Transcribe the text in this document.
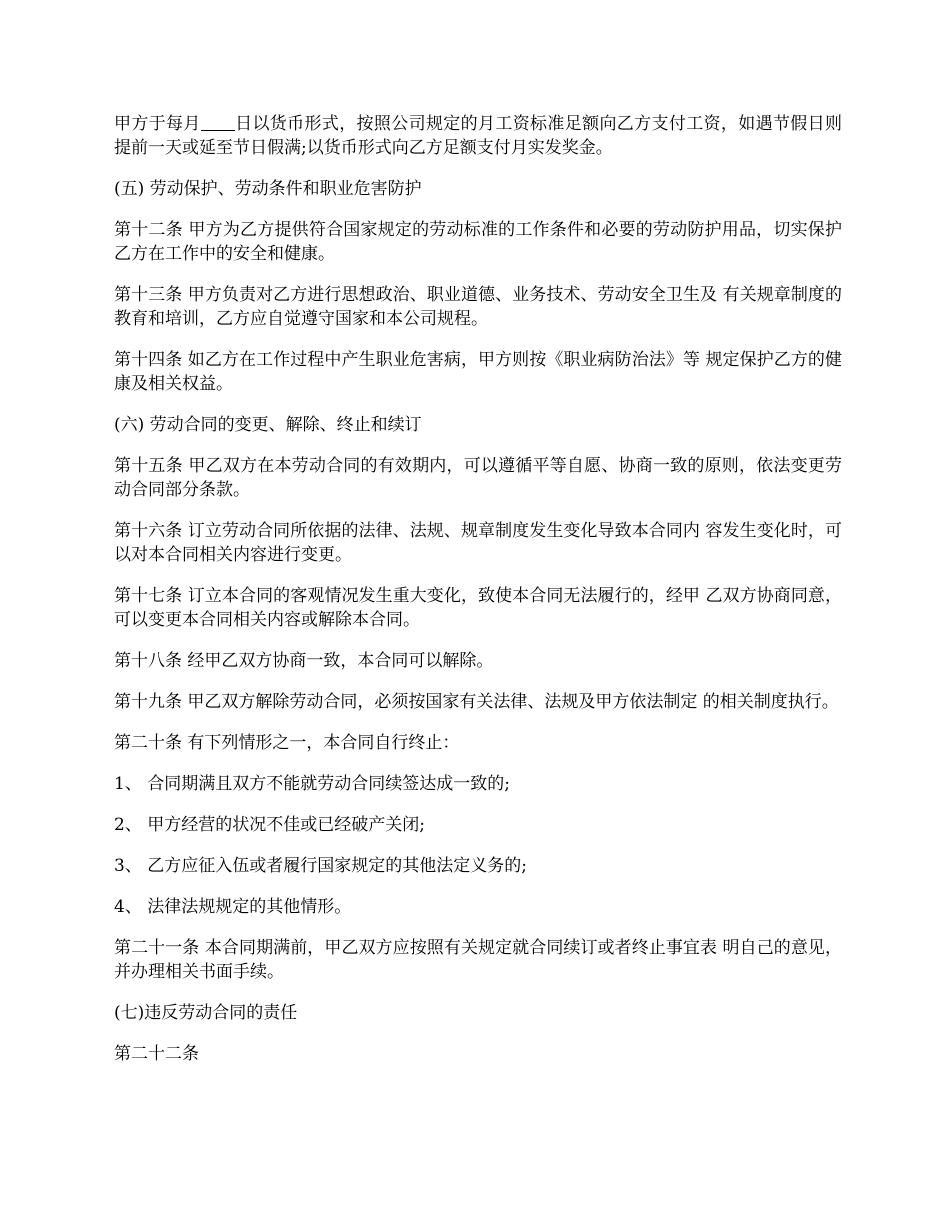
甲方于每月 日以货币形式，按照公司规定的月工资标准足额向乙方支付工资，如遇节假日则提前一天或延至节日假满;以货币形式向乙方足额支付月实发奖金。

(五) 劳动保护、劳动条件和职业危害防护

第十二条 甲方为乙方提供符合国家规定的劳动标准的工作条件和必要的劳动防护用品，切实保护乙方在工作中的安全和健康。

第十三条 甲方负责对乙方进行思想政治、职业道德、业务技术、劳动安全卫生及 有关规章制度的教育和培训，乙方应自觉遵守国家和本公司规程。

第十四条 如乙方在工作过程中产生职业危害病，甲方则按《职业病防治法》等 规定保护乙方的健康及相关权益。

(六) 劳动合同的变更、解除、终止和续订

第十五条 甲乙双方在本劳动合同的有效期内，可以遵循平等自愿、协商一致的原则，依法变更劳动合同部分条款。

第十六条 订立劳动合同所依据的法律、法规、规章制度发生变化导致本合同内 容发生变化时，可以对本合同相关内容进行变更。

第十七条 订立本合同的客观情况发生重大变化，致使本合同无法履行的，经甲 乙双方协商同意，可以变更本合同相关内容或解除本合同。

第十八条 经甲乙双方协商一致，本合同可以解除。

第十九条 甲乙双方解除劳动合同，必须按国家有关法律、法规及甲方依法制定 的相关制度执行。

第二十条 有下列情形之一，本合同自行终止：

1、 合同期满且双方不能就劳动合同续签达成一致的;

2、 甲方经营的状况不佳或已经破产关闭;

3、 乙方应征入伍或者履行国家规定的其他法定义务的;

4、 法律法规规定的其他情形。

第二十一条 本合同期满前，甲乙双方应按照有关规定就合同续订或者终止事宜表 明自己的意见，并办理相关书面手续。

(七)违反劳动合同的责任

第二十二条
